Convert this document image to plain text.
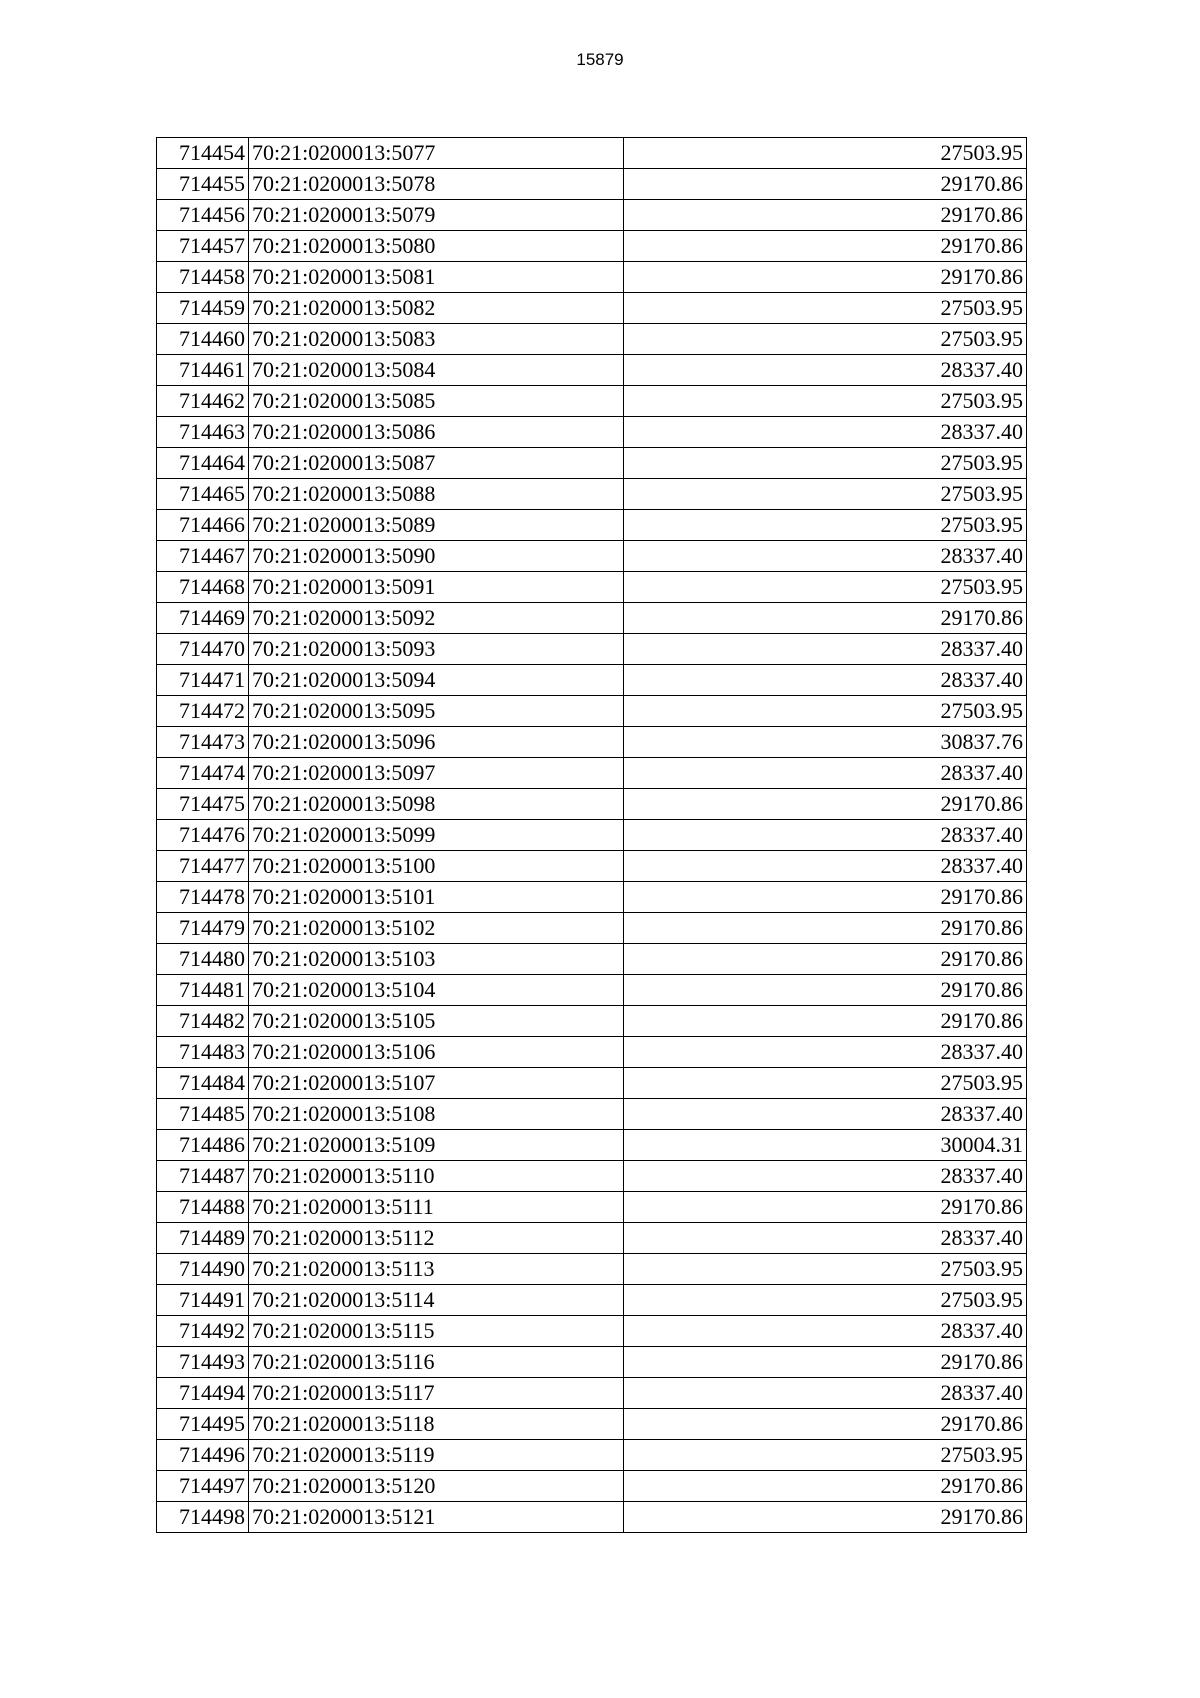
15879
714454	70:21:0200013:5077	27503.95
714455	70:21:0200013:5078	29170.86
714456	70:21:0200013:5079	29170.86
714457	70:21:0200013:5080	29170.86
714458	70:21:0200013:5081	29170.86
714459	70:21:0200013:5082	27503.95
714460	70:21:0200013:5083	27503.95
714461	70:21:0200013:5084	28337.40
714462	70:21:0200013:5085	27503.95
714463	70:21:0200013:5086	28337.40
714464	70:21:0200013:5087	27503.95
714465	70:21:0200013:5088	27503.95
714466	70:21:0200013:5089	27503.95
714467	70:21:0200013:5090	28337.40
714468	70:21:0200013:5091	27503.95
714469	70:21:0200013:5092	29170.86
714470	70:21:0200013:5093	28337.40
714471	70:21:0200013:5094	28337.40
714472	70:21:0200013:5095	27503.95
714473	70:21:0200013:5096	30837.76
714474	70:21:0200013:5097	28337.40
714475	70:21:0200013:5098	29170.86
714476	70:21:0200013:5099	28337.40
714477	70:21:0200013:5100	28337.40
714478	70:21:0200013:5101	29170.86
714479	70:21:0200013:5102	29170.86
714480	70:21:0200013:5103	29170.86
714481	70:21:0200013:5104	29170.86
714482	70:21:0200013:5105	29170.86
714483	70:21:0200013:5106	28337.40
714484	70:21:0200013:5107	27503.95
714485	70:21:0200013:5108	28337.40
714486	70:21:0200013:5109	30004.31
714487	70:21:0200013:5110	28337.40
714488	70:21:0200013:5111	29170.86
714489	70:21:0200013:5112	28337.40
714490	70:21:0200013:5113	27503.95
714491	70:21:0200013:5114	27503.95
714492	70:21:0200013:5115	28337.40
714493	70:21:0200013:5116	29170.86
714494	70:21:0200013:5117	28337.40
714495	70:21:0200013:5118	29170.86
714496	70:21:0200013:5119	27503.95
714497	70:21:0200013:5120	29170.86
714498	70:21:0200013:5121	29170.86
